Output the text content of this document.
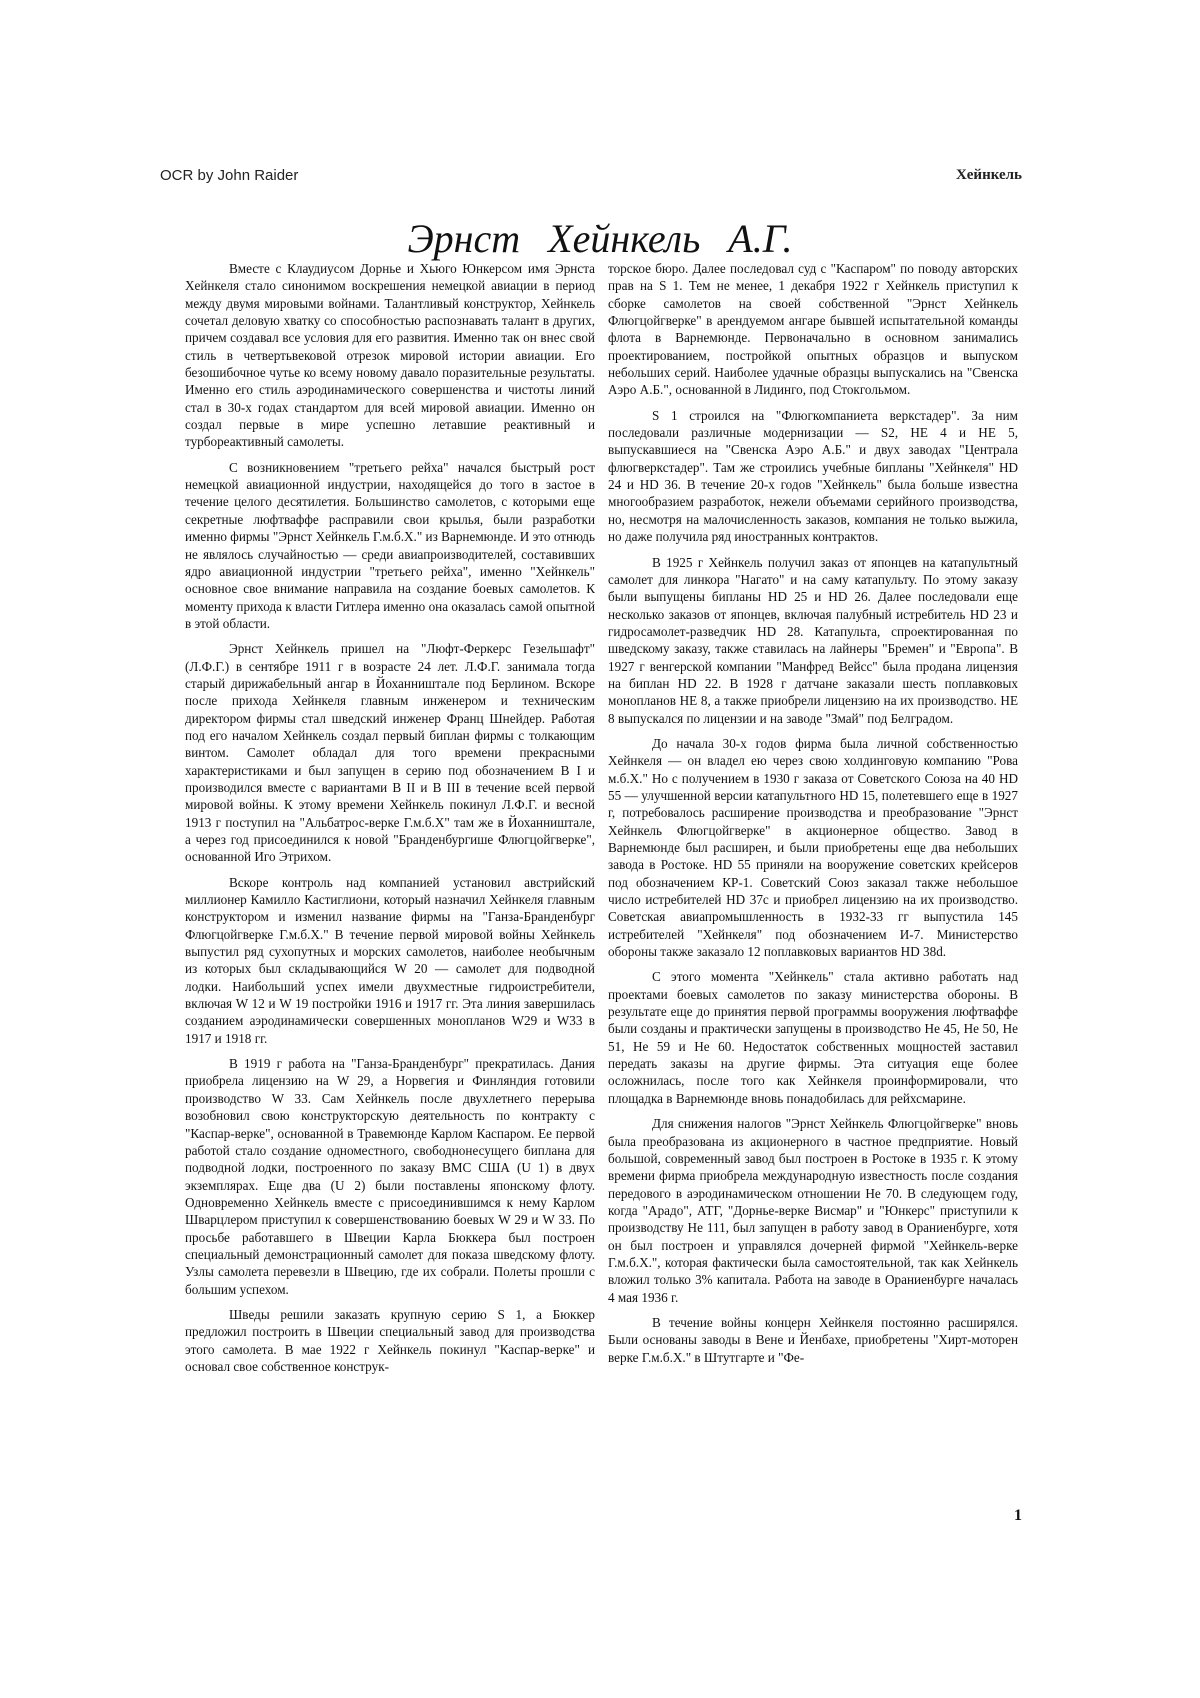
OCR by John Raider	Хейнкель
Эрнст Хейнкель А.Г.

Вместе с Клаудиусом Дорнье и Хьюго Юнкерсом имя Эрнста Хейнкеля стало синонимом воскрешения немецкой авиации в период между двумя мировыми войнами. Талантливый конструктор, Хейнкель сочетал деловую хватку со способностью распознавать талант в других, причем создавал все условия для его развития. Именно так он внес свой стиль в четвертьвековой отрезок мировой истории авиации. Его безошибочное чутье ко всему новому давало поразительные результаты. Именно его стиль аэродинамического совершенства и чистоты линий стал в 30-х годах стандартом для всей мировой авиации. Именно он создал первые в мире успешно летавшие реактивный и турбореактивный самолеты.

С возникновением "третьего рейха" начался быстрый рост немецкой авиационной индустрии, находящейся до того в застое в течение целого десятилетия. Большинство самолетов, с которыми еще секретные люфтваффе расправили свои крылья, были разработки именно фирмы "Эрнст Хейнкель Г.м.б.Х." из Варнемюнде. И это отнюдь не являлось случайностью — среди авиапроизводителей, составивших ядро авиационной индустрии "третьего рейха", именно "Хейнкель" основное свое внимание направила на создание боевых самолетов. К моменту прихода к власти Гитлера именно она оказалась самой опытной в этой области.

Эрнст Хейнкель пришел на "Люфт-Феркерс Гезельшафт" (Л.Ф.Г.) в сентябре 1911 г в возрасте 24 лет. Л.Ф.Г. занимала тогда старый дирижабельный ангар в Йоханништале под Берлином. Вскоре после прихода Хейнкеля главным инженером и техническим директором фирмы стал шведский инженер Франц Шнейдер. Работая под его началом Хейнкель создал первый биплан фирмы с толкающим винтом. Самолет обладал для того времени прекрасными характеристиками и был запущен в серию под обозначением В I и производился вместе с вариантами В II и В III в течение всей первой мировой войны. К этому времени Хейнкель покинул Л.Ф.Г. и весной 1913 г поступил на "Альбатрос-верке Г.м.б.Х" там же в Йоханништале, а через год присоединился к новой "Бранденбургише Флюгцойгверке", основанной Иго Этрихом.

Вскоре контроль над компанией установил австрийский миллионер Камилло Кастиглиони, который назначил Хейнкеля главным конструктором и изменил название фирмы на "Ганза-Бранденбург Флюгцойгверке Г.м.б.Х." В течение первой мировой войны Хейнкель выпустил ряд сухопутных и морских самолетов, наиболее необычным из которых был складывающийся W 20 — самолет для подводной лодки. Наибольший успех имели двухместные гидроистребители, включая W 12 и W 19 постройки 1916 и 1917 гг. Эта линия завершилась созданием аэродинамически совершенных монопланов W29 и W33 в 1917 и 1918 гг.

В 1919 г работа на "Ганза-Бранденбург" прекратилась. Дания приобрела лицензию на W 29, а Норвегия и Финляндия готовили производство W 33. Сам Хейнкель после двухлетнего перерыва возобновил свою конструкторскую деятельность по контракту с "Каспар-верке", основанной в Травемюнде Карлом Каспаром. Ее первой работой стало создание одноместного, свободнонесущего биплана для подводной лодки, построенного по заказу ВМС США (U 1) в двух экземплярах. Еще два (U 2) были поставлены японскому флоту. Одновременно Хейнкель вместе с присоединившимся к нему Карлом Шварцлером приступил к совершенствованию боевых W 29 и W 33. По просьбе работавшего в Швеции Карла Бюккера был построен специальный демонстрационный самолет для показа шведскому флоту. Узлы самолета перевезли в Швецию, где их собрали. Полеты прошли с большим успехом.

Шведы решили заказать крупную серию S 1, а Бюккер предложил построить в Швеции специальный завод для производства этого самолета. В мае 1922 г Хейнкель покинул "Каспар-верке" и основал свое собственное конструк-

торское бюро. Далее последовал суд с "Каспаром" по поводу авторских прав на S 1. Тем не менее, 1 декабря 1922 г Хейнкель приступил к сборке самолетов на своей собственной "Эрнст Хейнкель Флюгцойгверке" в арендуемом ангаре бывшей испытательной команды флота в Варнемюнде. Первоначально в основном занимались проектированием, постройкой опытных образцов и выпуском небольших серий. Наиболее удачные образцы выпускались на "Свенска Аэро А.Б.", основанной в Лидинго, под Стокгольмом.

S 1 строился на "Флюгкомпаниета веркстадер". За ним последовали различные модернизации — S2, НЕ 4 и НЕ 5, выпускавшиеся на "Свенска Аэро А.Б." и двух заводах "Централа флюгверкстадер". Там же строились учебные бипланы "Хейнкеля" HD 24 и HD 36. В течение 20-х годов "Хейнкель" была больше известна многообразием разработок, нежели объемами серийного производства, но, несмотря на малочисленность заказов, компания не только выжила, но даже получила ряд иностранных контрактов.

В 1925 г Хейнкель получил заказ от японцев на катапультный самолет для линкора "Нагато" и на саму катапульту. По этому заказу были выпущены бипланы HD 25 и HD 26. Далее последовали еще несколько заказов от японцев, включая палубный истребитель HD 23 и гидросамолет-разведчик HD 28. Катапульта, спроектированная по шведскому заказу, также ставилась на лайнеры "Бремен" и "Европа". В 1927 г венгерской компании "Манфред Вейсс" была продана лицензия на биплан HD 22. В 1928 г датчане заказали шесть поплавковых монопланов НЕ 8, а также приобрели лицензию на их производство. НЕ 8 выпускался по лицензии и на заводе "Змай" под Белградом.

До начала 30-х годов фирма была личной собственностью Хейнкеля — он владел ею через свою холдинговую компанию "Рова м.б.Х." Но с получением в 1930 г заказа от Советского Союза на 40 HD 55 — улучшенной версии катапультного HD 15, полетевшего еще в 1927 г, потребовалось расширение производства и преобразование "Эрнст Хейнкель Флюгцойгверке" в акционерное общество. Завод в Варнемюнде был расширен, и были приобретены еще два небольших завода в Ростоке. HD 55 приняли на вооружение советских крейсеров под обозначением КР-1. Советский Союз заказал также небольшое число истребителей HD 37с и приобрел лицензию на их производство. Советская авиапромышленность в 1932-33 гг выпустила 145 истребителей "Хейнкеля" под обозначением И-7. Министерство обороны также заказало 12 поплавковых вариантов HD 38d.

С этого момента "Хейнкель" стала активно работать над проектами боевых самолетов по заказу министерства обороны. В результате еще до принятия первой программы вооружения люфтваффе были созданы и практически запущены в производство Не 45, Не 50, Не 51, Не 59 и Не 60. Недостаток собственных мощностей заставил передать заказы на другие фирмы. Эта ситуация еще более осложнилась, после того как Хейнкеля проинформировали, что площадка в Варнемюнде вновь понадобилась для рейхсмарине.

Для снижения налогов "Эрнст Хейнкель Флюгцойгверке" вновь была преобразована из акционерного в частное предприятие. Новый большой, современный завод был построен в Ростоке в 1935 г. К этому времени фирма приобрела международную известность после создания передового в аэродинамическом отношении Не 70. В следующем году, когда "Арадо", АТГ, "Дорнье-верке Висмар" и "Юнкерс" приступили к производству Не 111, был запущен в работу завод в Ораниенбурге, хотя он был построен и управлялся дочерней фирмой "Хейнкель-верке Г.м.б.Х.", которая фактически была самостоятельной, так как Хейнкель вложил только 3% капитала. Работа на заводе в Ораниенбурге началась 4 мая 1936 г.

В течение войны концерн Хейнкеля постоянно расширялся. Были основаны заводы в Вене и Йенбахе, приобретены "Хирт-моторен верке Г.м.б.Х." в Штутгарте и "Фе-

1
